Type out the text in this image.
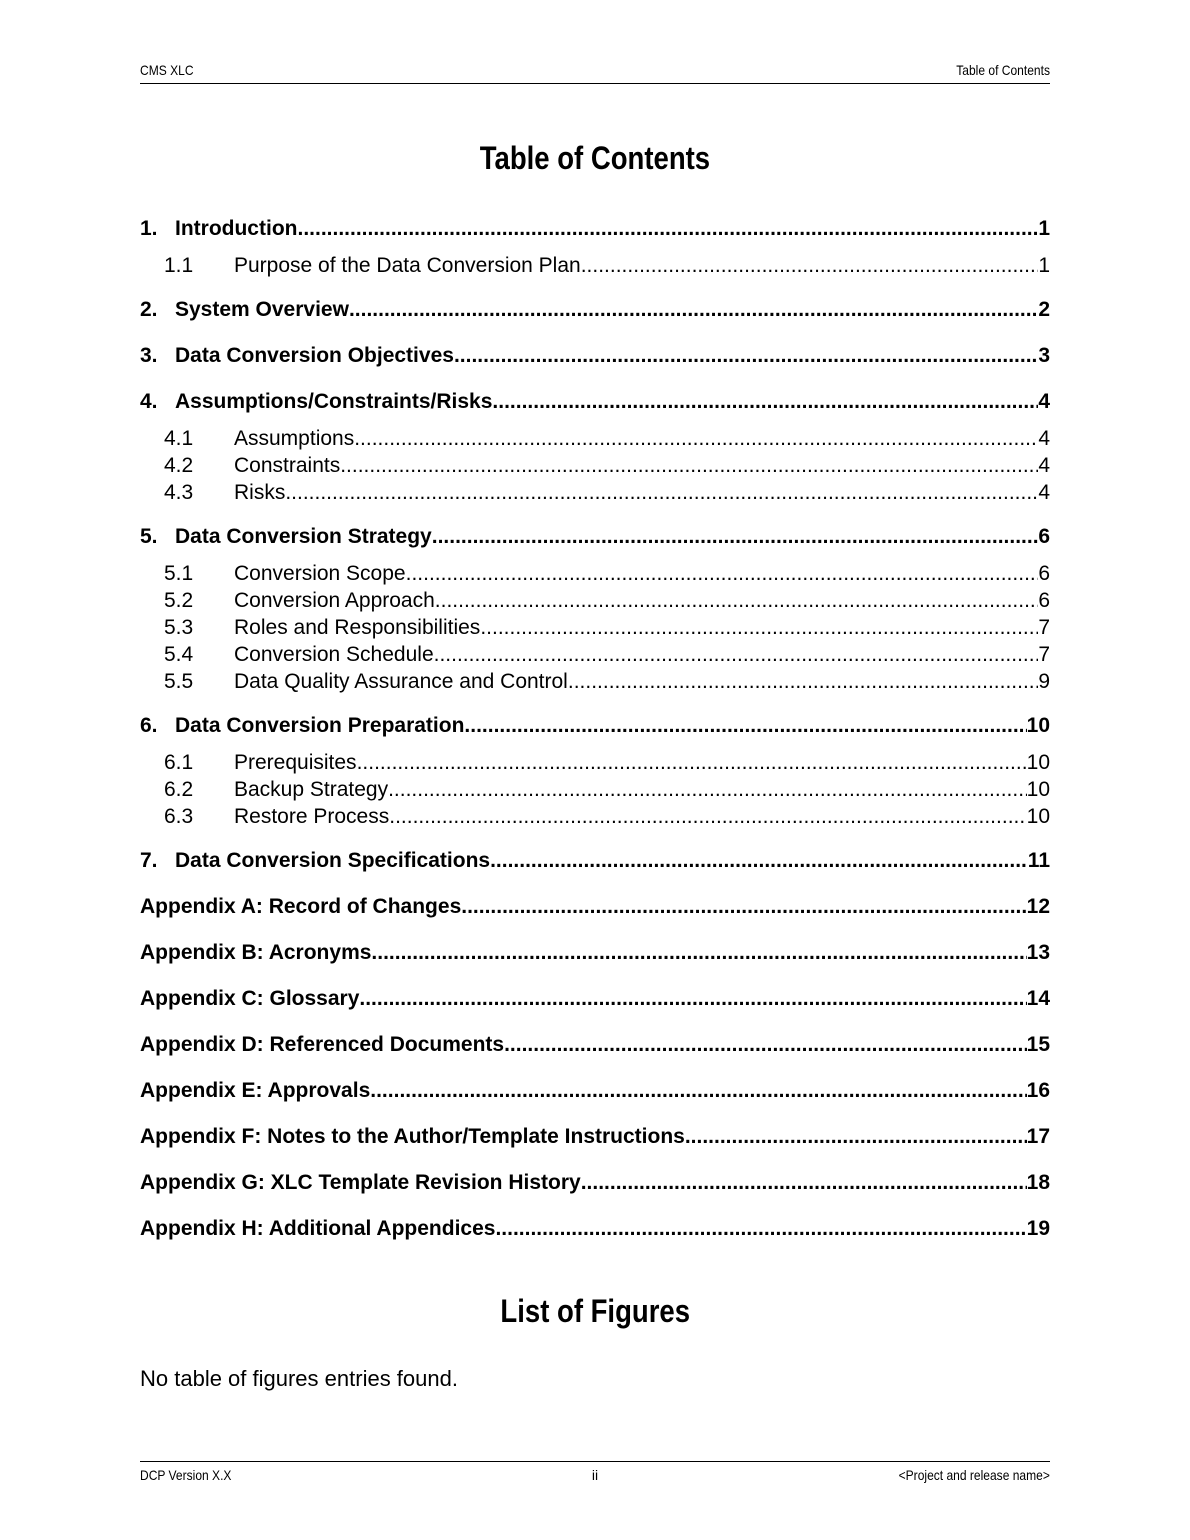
CMS XLC	Table of Contents
Table of Contents
1. Introduction .....	1
1.1	Purpose of the Data Conversion Plan .....	1
2. System Overview .....	2
3. Data Conversion Objectives .....	3
4. Assumptions/Constraints/Risks .....	4
4.1	Assumptions .....	4
4.2	Constraints .....	4
4.3	Risks .....	4
5. Data Conversion Strategy .....	6
5.1	Conversion Scope .....	6
5.2	Conversion Approach .....	6
5.3	Roles and Responsibilities .....	7
5.4	Conversion Schedule .....	7
5.5	Data Quality Assurance and Control .....	9
6. Data Conversion Preparation .....	10
6.1	Prerequisites .....	10
6.2	Backup Strategy .....	10
6.3	Restore Process .....	10
7. Data Conversion Specifications .....	11
Appendix A: Record of Changes .....	12
Appendix B: Acronyms .....	13
Appendix C: Glossary .....	14
Appendix D: Referenced Documents .....	15
Appendix E: Approvals .....	16
Appendix F: Notes to the Author/Template Instructions .....	17
Appendix G: XLC Template Revision History .....	18
Appendix H: Additional Appendices .....	19
List of Figures
No table of figures entries found.
DCP Version X.X	ii	<Project and release name>
